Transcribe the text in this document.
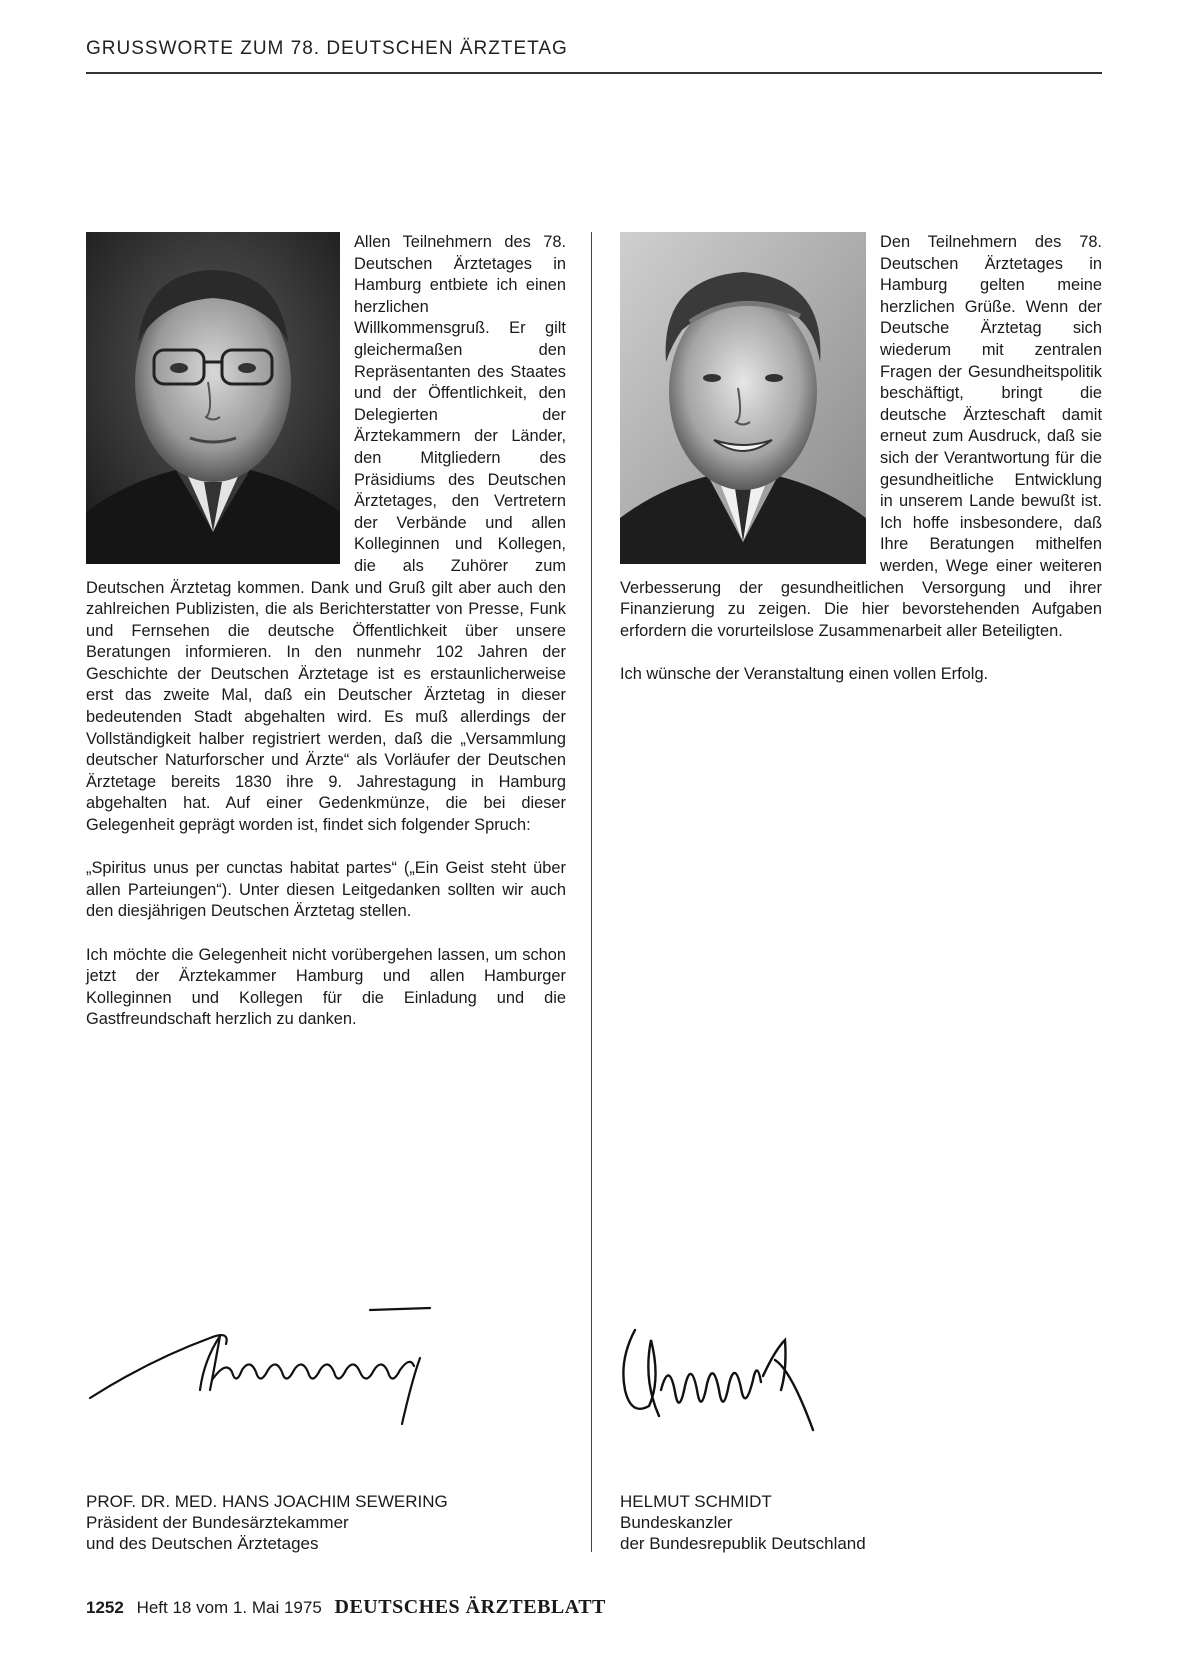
GRUSSWORTE ZUM 78. DEUTSCHEN ÄRZTETAG

Allen Teilnehmern des 78. Deutschen Ärztetages in Hamburg entbiete ich einen herzlichen Willkommensgruß. Er gilt gleichermaßen den Repräsentanten des Staates und der Öffentlichkeit, den Delegierten der Ärztekammern der Länder, den Mitgliedern des Präsidiums des Deutschen Ärztetages, den Vertretern der Verbände und allen Kolleginnen und Kollegen, die als Zuhörer zum Deutschen Ärztetag kommen. Dank und Gruß gilt aber auch den zahlreichen Publizisten, die als Berichterstatter von Presse, Funk und Fernsehen die deutsche Öffentlichkeit über unsere Beratungen informieren. In den nunmehr 102 Jahren der Geschichte der Deutschen Ärztetage ist es erstaunlicherweise erst das zweite Mal, daß ein Deutscher Ärztetag in dieser bedeutenden Stadt abgehalten wird. Es muß allerdings der Vollständigkeit halber registriert werden, daß die „Versammlung deutscher Naturforscher und Ärzte“ als Vorläufer der Deutschen Ärztetage bereits 1830 ihre 9. Jahrestagung in Hamburg abgehalten hat. Auf einer Gedenkmünze, die bei dieser Gelegenheit geprägt worden ist, findet sich folgender Spruch:

„Spiritus unus per cunctas habitat partes“ („Ein Geist steht über allen Parteiungen“). Unter diesen Leitgedanken sollten wir auch den diesjährigen Deutschen Ärztetag stellen.

Ich möchte die Gelegenheit nicht vorübergehen lassen, um schon jetzt der Ärztekammer Hamburg und allen Hamburger Kolleginnen und Kollegen für die Einladung und die Gastfreundschaft herzlich zu danken.

Den Teilnehmern des 78. Deutschen Ärztetages in Hamburg gelten meine herzlichen Grüße. Wenn der Deutsche Ärztetag sich wiederum mit zentralen Fragen der Gesundheitspolitik beschäftigt, bringt die deutsche Ärzteschaft damit erneut zum Ausdruck, daß sie sich der Verantwortung für die gesundheitliche Entwicklung in unserem Lande bewußt ist. Ich hoffe insbesondere, daß Ihre Beratungen mithelfen werden, Wege einer weiteren Verbesserung der gesundheitlichen Versorgung und ihrer Finanzierung zu zeigen. Die hier bevorstehenden Aufgaben erfordern die vorurteilslose Zusammenarbeit aller Beteiligten.

Ich wünsche der Veranstaltung einen vollen Erfolg.

PROF. DR. MED. HANS JOACHIM SEWERING
Präsident der Bundesärztekammer
und des Deutschen Ärztetages
HELMUT SCHMIDT
Bundeskanzler
der Bundesrepublik Deutschland
1252 Heft 18 vom 1. Mai 1975 DEUTSCHES ÄRZTEBLATT
